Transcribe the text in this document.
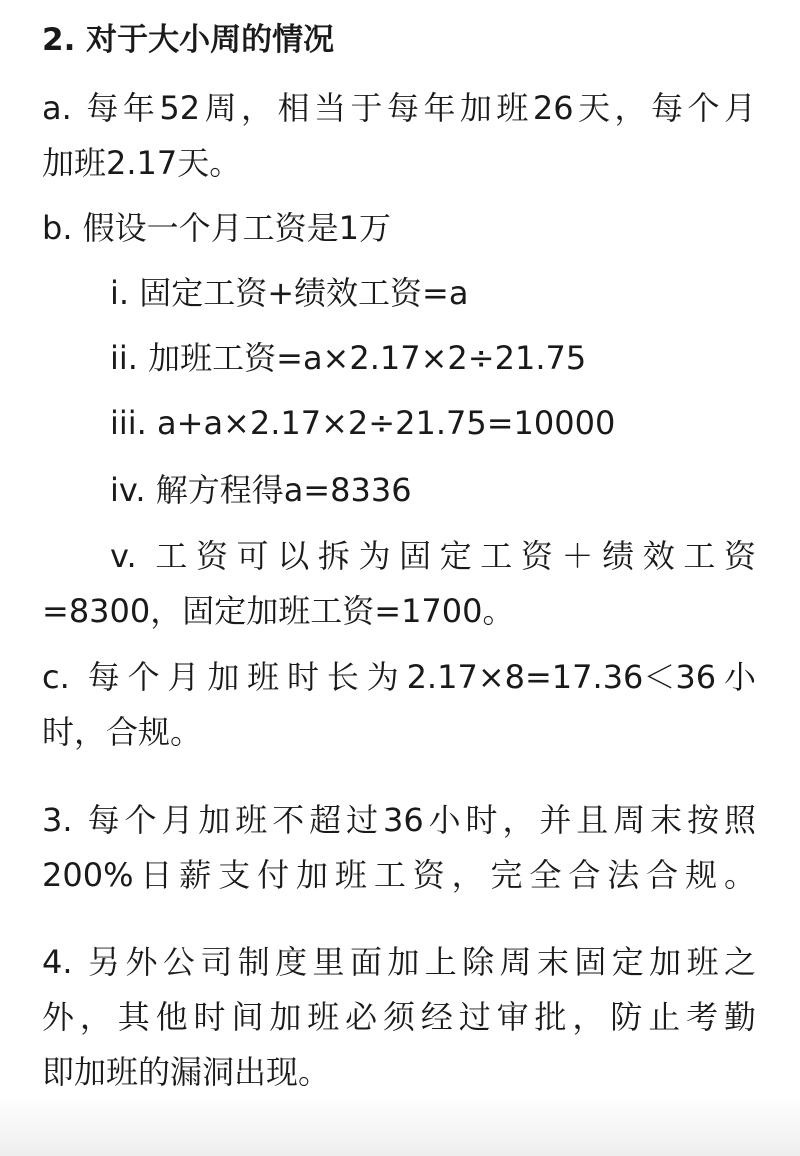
2. 对于大小周的情况
a. 每年52周，相当于每年加班26天，每个月
加班2.17天。
b. 假设一个月工资是1万
i. 固定工资+绩效工资=a
ii. 加班工资=a×2.17×2÷21.75
iii. a+a×2.17×2÷21.75=10000
iv. 解方程得a=8336
v. 工资可以拆为固定工资＋绩效工资
=8300，固定加班工资=1700。
c. 每个月加班时长为2.17×8=17.36＜36小
时，合规。
3. 每个月加班不超过36小时，并且周末按照
200%日薪支付加班工资，完全合法合规。
4. 另外公司制度里面加上除周末固定加班之
外，其他时间加班必须经过审批，防止考勤
即加班的漏洞出现。
